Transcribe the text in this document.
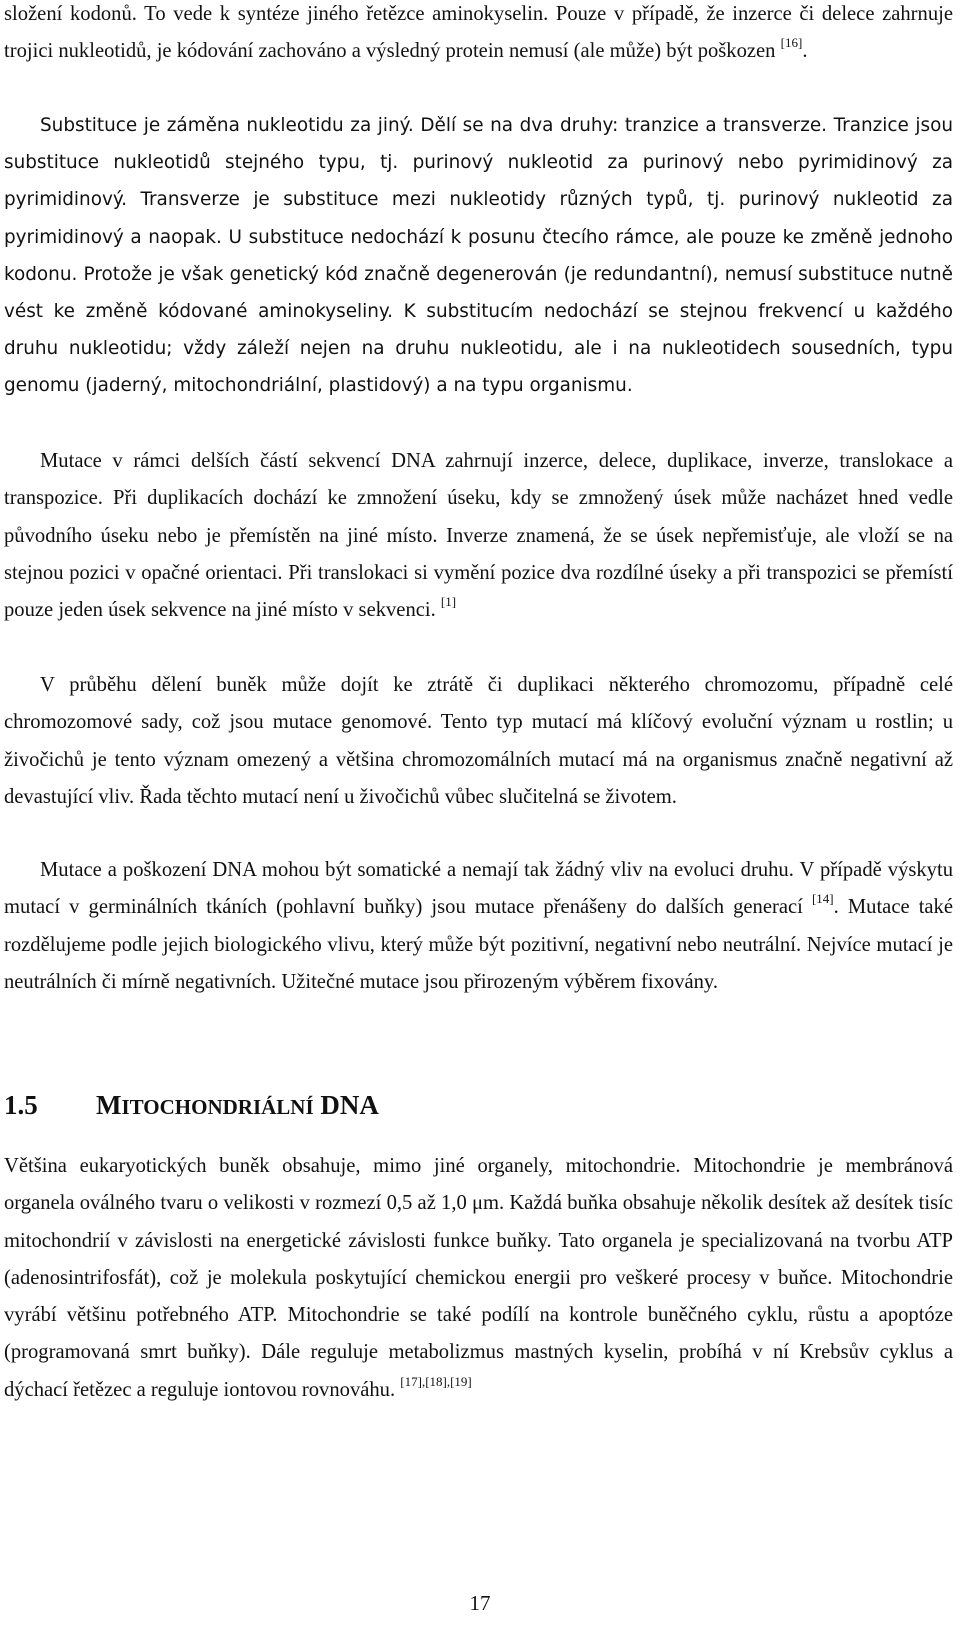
složení kodonů. To vede k syntéze jiného řetězce aminokyselin. Pouze v případě, že inzerce či delece zahrnuje trojici nukleotidů, je kódování zachováno a výsledný protein nemusí (ale může) být poškozen [16].

Substituce je záměna nukleotidu za jiný. Dělí se na dva druhy: tranzice a transverze. Tranzice jsou substituce nukleotidů stejného typu, tj. purinový nukleotid za purinový nebo pyrimidinový za pyrimidinový. Transverze je substituce mezi nukleotidy různých typů, tj. purinový nukleotid za pyrimidinový a naopak. U substituce nedochází k posunu čtecího rámce, ale pouze ke změně jednoho kodonu. Protože je však genetický kód značně degenerován (je redundantní), nemusí substituce nutně vést ke změně kódované aminokyseliny. K substitucím nedochází se stejnou frekvencí u každého druhu nukleotidu; vždy záleží nejen na druhu nukleotidu, ale i na nukleotidech sousedních, typu genomu (jaderný, mitochondriální, plastidový) a na typu organismu.

Mutace v rámci delších částí sekvencí DNA zahrnují inzerce, delece, duplikace, inverze, translokace a transpozice. Při duplikacích dochází ke zmnožení úseku, kdy se zmnožený úsek může nacházet hned vedle původního úseku nebo je přemístěn na jiné místo. Inverze znamená, že se úsek nepřemisťuje, ale vloží se na stejnou pozici v opačné orientaci. Při translokaci si vymění pozice dva rozdílné úseky a při transpozici se přemístí pouze jeden úsek sekvence na jiné místo v sekvenci. [1]

V průběhu dělení buněk může dojít ke ztrátě či duplikaci některého chromozomu, případně celé chromozomové sady, což jsou mutace genomové. Tento typ mutací má klíčový evoluční význam u rostlin; u živočichů je tento význam omezený a většina chromozomálních mutací má na organismus značně negativní až devastující vliv. Řada těchto mutací není u živočichů vůbec slučitelná se životem.

Mutace a poškození DNA mohou být somatické a nemají tak žádný vliv na evoluci druhu. V případě výskytu mutací v germinálních tkáních (pohlavní buňky) jsou mutace přenášeny do dalších generací [14]. Mutace také rozdělujeme podle jejich biologického vlivu, který může být pozitivní, negativní nebo neutrální. Nejvíce mutací je neutrálních či mírně negativních. Užitečné mutace jsou přirozeným výběrem fixovány.

1.5 MITOCHONDRIÁLNÍ DNA

Většina eukaryotických buněk obsahuje, mimo jiné organely, mitochondrie. Mitochondrie je membránová organela oválného tvaru o velikosti v rozmezí 0,5 až 1,0 μm. Každá buňka obsahuje několik desítek až desítek tisíc mitochondrií v závislosti na energetické závislosti funkce buňky. Tato organela je specializovaná na tvorbu ATP (adenosintrifosfát), což je molekula poskytující chemickou energii pro veškeré procesy v buňce. Mitochondrie vyrábí většinu potřebného ATP. Mitochondrie se také podílí na kontrole buněčného cyklu, růstu a apoptóze (programovaná smrt buňky). Dále reguluje metabolizmus mastných kyselin, probíhá v ní Krebsův cyklus a dýchací řetězec a reguluje iontovou rovnováhu. [17],[18],[19]

17
